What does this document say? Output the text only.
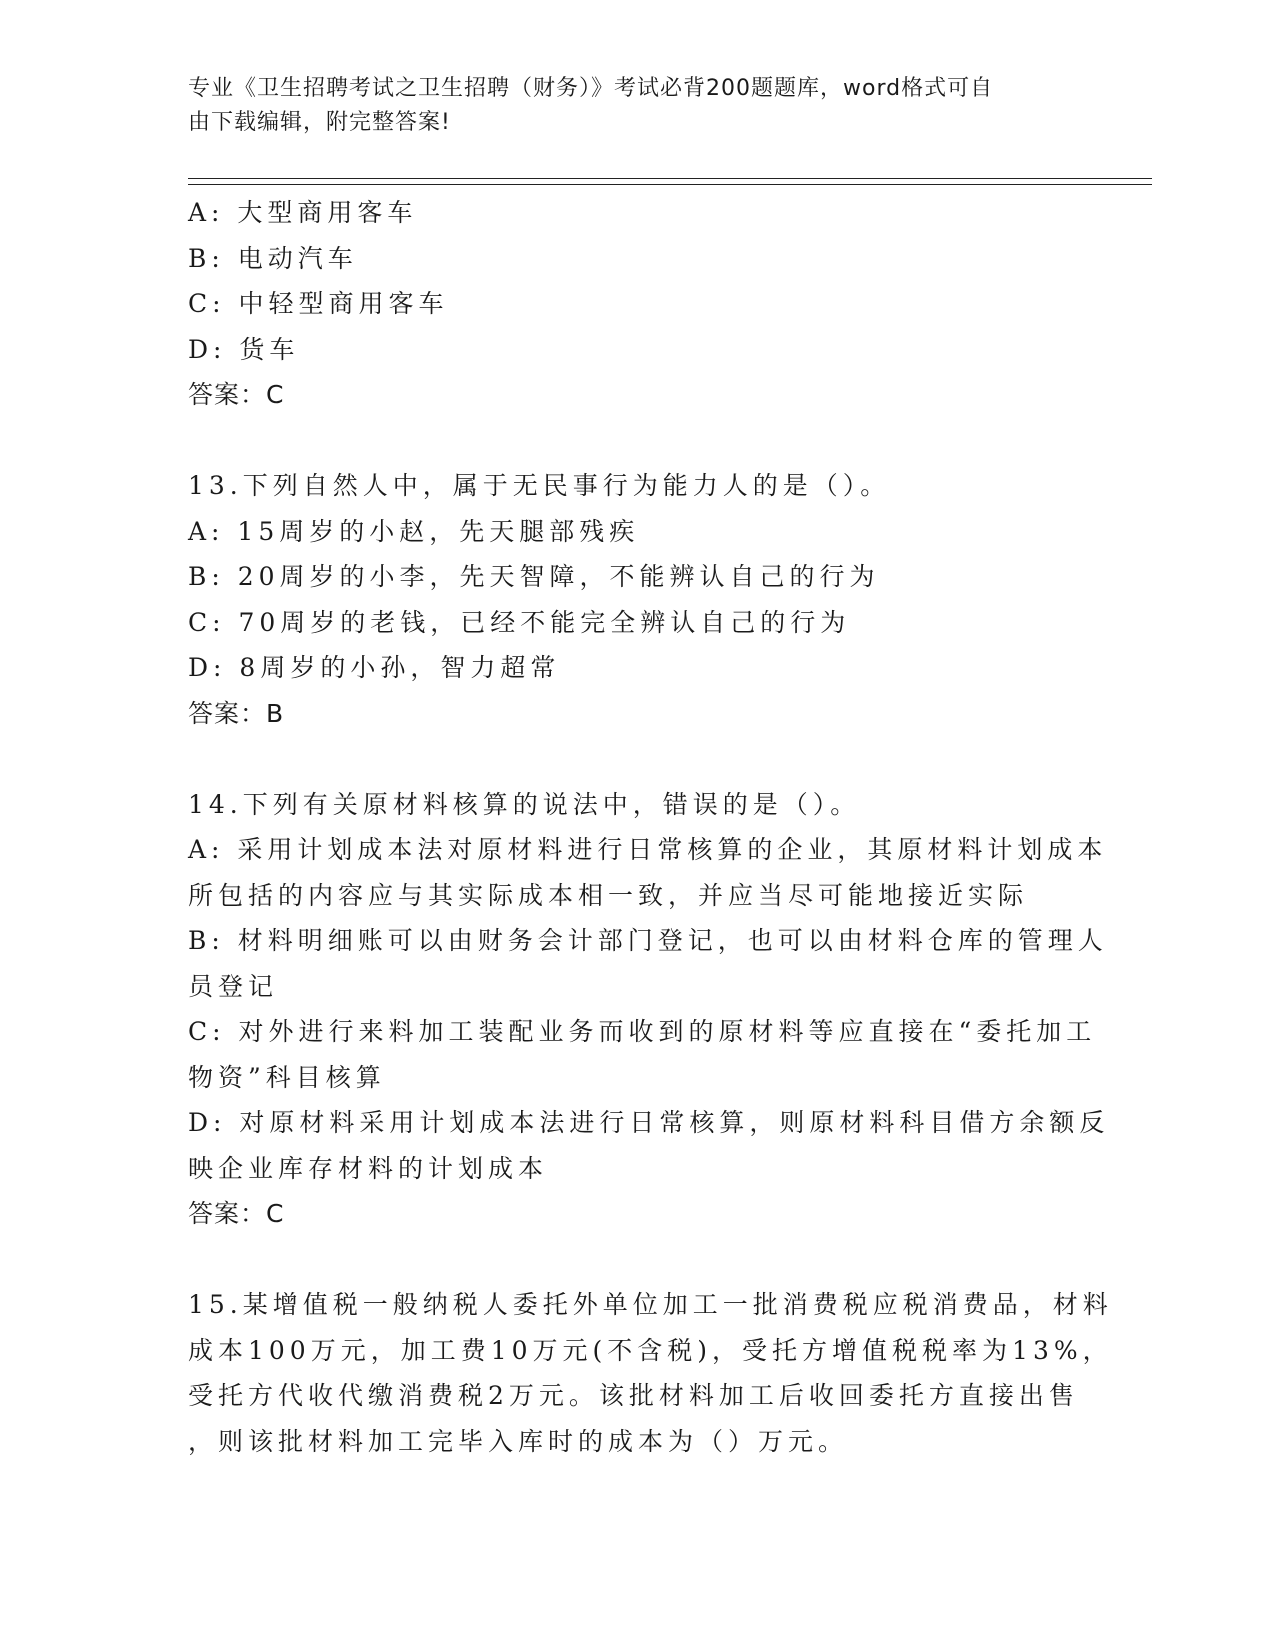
专业《卫生招聘考试之卫生招聘（财务）》考试必背200题题库，word格式可自
由下载编辑，附完整答案!
A: 大型商用客车
B: 电动汽车
C: 中轻型商用客车
D: 货车
答案：C
13.下列自然人中，属于无民事行为能力人的是（）。
A: 15周岁的小赵，先天腿部残疾
B: 20周岁的小李，先天智障，不能辨认自己的行为
C: 70周岁的老钱，已经不能完全辨认自己的行为
D: 8周岁的小孙，智力超常
答案：B
14.下列有关原材料核算的说法中，错误的是（）。
A: 采用计划成本法对原材料进行日常核算的企业，其原材料计划成本
所包括的内容应与其实际成本相一致，并应当尽可能地接近实际
B: 材料明细账可以由财务会计部门登记，也可以由材料仓库的管理人
员登记
C: 对外进行来料加工装配业务而收到的原材料等应直接在“委托加工
物资”科目核算
D: 对原材料采用计划成本法进行日常核算，则原材料科目借方余额反
映企业库存材料的计划成本
答案：C
15.某增值税一般纳税人委托外单位加工一批消费税应税消费品，材料
成本100万元，加工费10万元(不含税)，受托方增值税税率为13%，
受托方代收代缴消费税2万元。该批材料加工后收回委托方直接出售
，则该批材料加工完毕入库时的成本为（）万元。
